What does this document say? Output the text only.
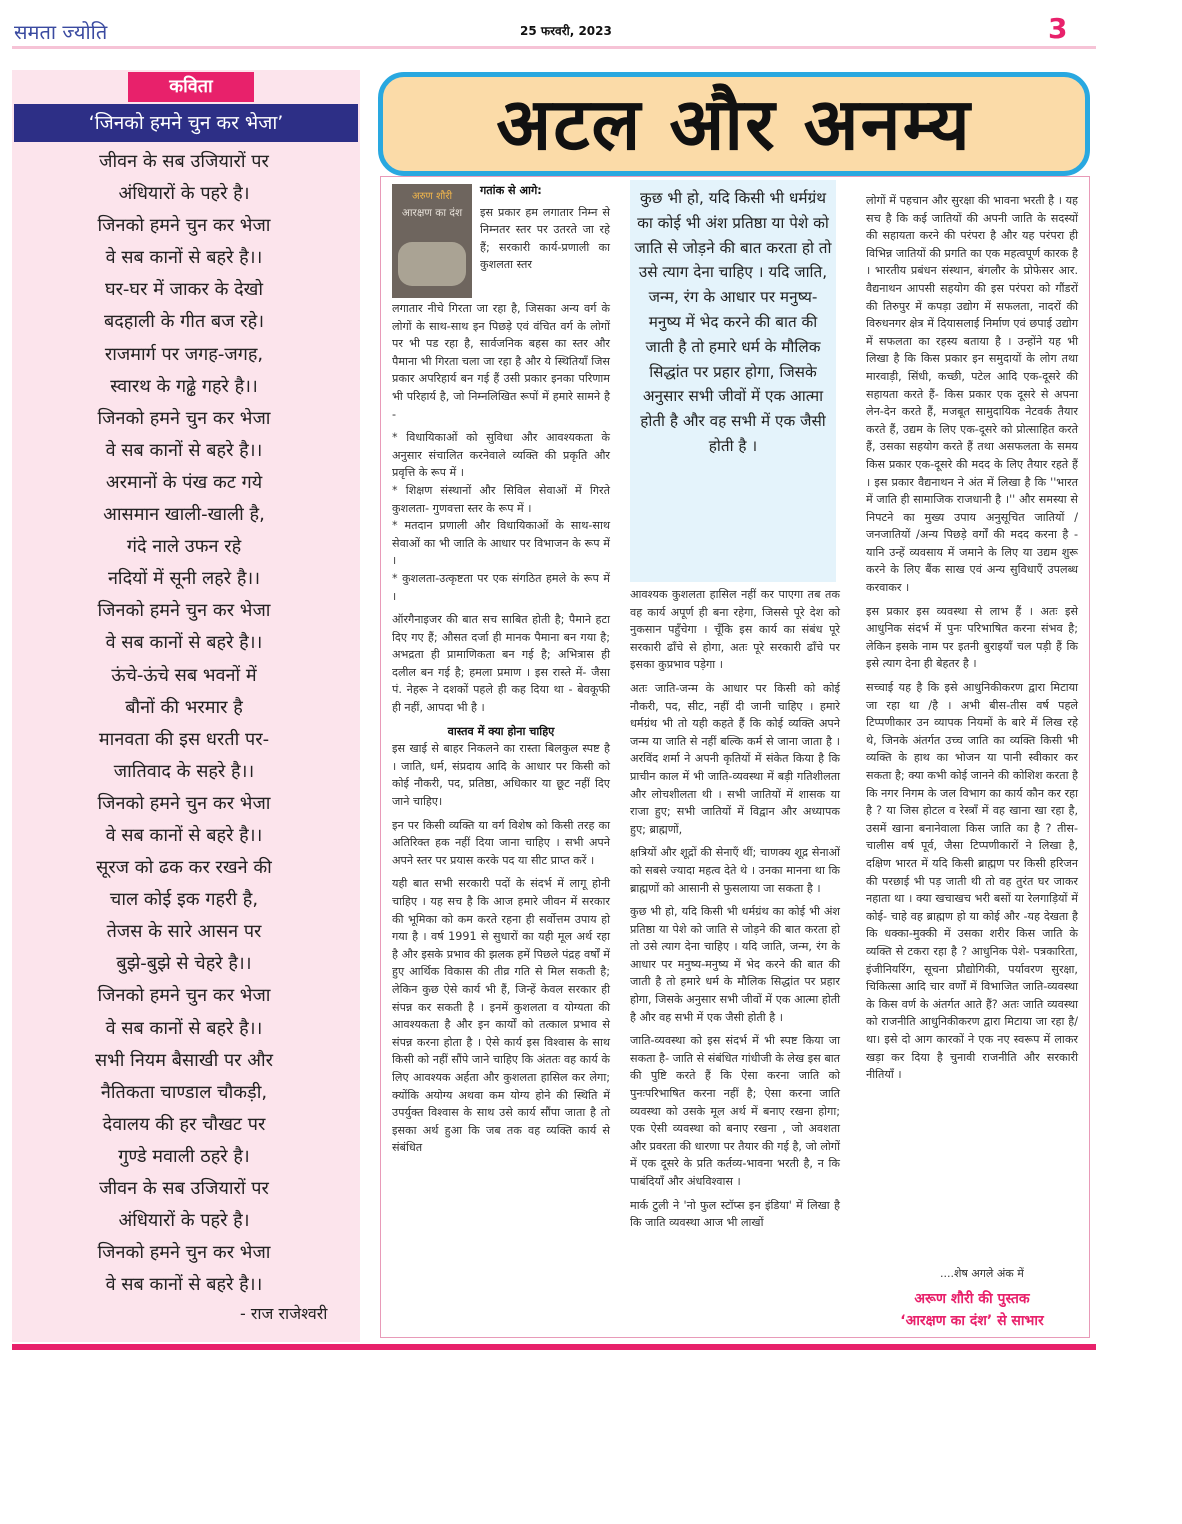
समता ज्योति	25 फरवरी, 2023	3
कविता
‘जिनको हमने चुन कर भेजा’
जीवन के सब उजियारों पर
अंधियारों के पहरे है।
जिनको हमने चुन कर भेजा
वे सब कानों से बहरे है।।
घर-घर में जाकर के देखो
बदहाली के गीत बज रहे।
राजमार्ग पर जगह-जगह,
स्वारथ के गढ्ढे गहरे है।।
जिनको हमने चुन कर भेजा
वे सब कानों से बहरे है।।
अरमानों के पंख कट गये
आसमान खाली-खाली है,
गंदे नाले उफन रहे
नदियों में सूनी लहरे है।।
जिनको हमने चुन कर भेजा
वे सब कानों से बहरे है।।
ऊंचे-ऊंचे सब भवनों में
बौनों की भरमार है
मानवता की इस धरती पर-
जातिवाद के सहरे है।।
जिनको हमने चुन कर भेजा
वे सब कानों से बहरे है।।
सूरज को ढक कर रखने की
चाल कोई इक गहरी है,
तेजस के सारे आसन पर
बुझे-बुझे से चेहरे है।।
जिनको हमने चुन कर भेजा
वे सब कानों से बहरे है।।
सभी नियम बैसाखी पर और
नैतिकता चाण्डाल चौकड़ी,
देवालय की हर चौखट पर
गुण्डे मवाली ठहरे है।
जीवन के सब उजियारों पर
अंधियारों के पहरे है।
जिनको हमने चुन कर भेजा
वे सब कानों से बहरे है।।
- राज राजेश्वरी
अटल और अनम्य
अरुण शौरी
आरक्षण का दंश

गतांक से आगे:

इस प्रकार हम लगातार निम्न से निम्नतर स्तर पर उतरते जा रहे हैं; सरकारी कार्य-प्रणाली का कुशलता स्तर

लगातार नीचे गिरता जा रहा है, जिसका अन्य वर्ग के लोगों के साथ-साथ इन पिछड़े एवं वंचित वर्ग के लोगों पर भी पड रहा है, सार्वजनिक बहस का स्तर और पैमाना भी गिरता चला जा रहा है और ये स्थितियाँ जिस प्रकार अपरिहार्य बन गई हैं उसी प्रकार इनका परिणाम भी परिहार्य है, जो निम्नलिखित रूपों में हमारे सामने है -

* विधायिकाओं को सुविधा और आवश्यकता के अनुसार संचालित करनेवाले व्यक्ति की प्रकृति और प्रवृत्ति के रूप में ।

* शिक्षण संस्थानों और सिविल सेवाओं में गिरते कुशलता- गुणवत्ता स्तर के रूप में ।

* मतदान प्रणाली और विधायिकाओं के साथ-साथ सेवाओं का भी जाति के आधार पर विभाजन के रूप में ।

* कुशलता-उत्कृष्टता पर एक संगठित हमले के रूप में ।

ऑरगैनाइजर की बात सच साबित होती है; पैमाने हटा दिए गए हैं; औसत दर्जा ही मानक पैमाना बन गया है; अभद्रता ही प्रामाणिकता बन गई है; अभित्रास ही दलील बन गई है; हमला प्रमाण । इस रास्ते में- जैसा पं. नेहरू ने दशकों पहले ही कह दिया था - बेवकूफी ही नहीं, आपदा भी है ।

वास्तव में क्या होना चाहिए

इस खाई से बाहर निकलने का रास्ता बिलकुल स्पष्ट है । जाति, धर्म, संप्रदाय आदि के आधार पर किसी को कोई नौकरी, पद, प्रतिष्ठा, अधिकार या छूट नहीं दिए जाने चाहिए।

इन पर किसी व्यक्ति या वर्ग विशेष को किसी तरह का अतिरिक्त हक नहीं दिया जाना चाहिए । सभी अपने अपने स्तर पर प्रयास करके पद या सीट प्राप्त करें ।

यही बात सभी सरकारी पदों के संदर्भ में लागू होनी चाहिए । यह सच है कि आज हमारे जीवन में सरकार की भूमिका को कम करते रहना ही सर्वोत्तम उपाय हो गया है । वर्ष 1991 से सुधारों का यही मूल अर्थ रहा है और इसके प्रभाव की झलक हमें पिछले पंद्रह वर्षों में हुए आर्थिक विकास की तीव्र गति से मिल सकती है; लेकिन कुछ ऐसे कार्य भी हैं, जिन्हें केवल सरकार ही संपन्न कर सकती है । इनमें कुशलता व योग्यता की आवश्यकता है और इन कार्यों को तत्काल प्रभाव से संपन्न करना होता है । ऐसे कार्य इस विश्वास के साथ किसी को नहीं सौंपे जाने चाहिए कि अंततः वह कार्य के लिए आवश्यक अर्हता और कुशलता हासिल कर लेगा; क्योंकि अयोग्य अथवा कम योग्य होने की स्थिति में उपर्युक्त विश्वास के साथ उसे कार्य सौंपा जाता है तो इसका अर्थ हुआ कि जब तक वह व्यक्ति कार्य से संबंधित

कुछ भी हो, यदि किसी भी धर्मग्रंथ का कोई भी अंश प्रतिष्ठा या पेशे को जाति से जोड़ने की बात करता हो तो उसे त्याग देना चाहिए । यदि जाति, जन्म, रंग के आधार पर मनुष्य-मनुष्य में भेद करने की बात की जाती है तो हमारे धर्म के मौलिक सिद्धांत पर प्रहार होगा, जिसके अनुसार सभी जीवों में एक आत्मा होती है और वह सभी में एक जैसी होती है ।

आवश्यक कुशलता हासिल नहीं कर पाएगा तब तक वह कार्य अपूर्ण ही बना रहेगा, जिससे पूरे देश को नुकसान पहुँचेगा । चूँकि इस कार्य का संबंध पूरे सरकारी ढाँचे से होगा, अतः पूरे सरकारी ढाँचे पर इसका कुप्रभाव पड़ेगा ।

अतः जाति-जन्म के आधार पर किसी को कोई नौकरी, पद, सीट, नहीं दी जानी चाहिए । हमारे धर्मग्रंथ भी तो यही कहते हैं कि कोई व्यक्ति अपने जन्म या जाति से नहीं बल्कि कर्म से जाना जाता है ।अरविंद शर्मा ने अपनी कृतियों में संकेत किया है कि प्राचीन काल में भी जाति-व्यवस्था में बड़ी गतिशीलता और लोचशीलता थी । सभी जातियों में शासक या राजा हुए; सभी जातियों में विद्वान और अध्यापक हुए; ब्राह्मणों,

क्षत्रियों और शूद्रों की सेनाएँ थीं; चाणक्य शूद्र सेनाओं को सबसे ज्यादा महत्व देते थे । उनका मानना था कि ब्राह्मणों को आसानी से फुसलाया जा सकता है ।

कुछ भी हो, यदि किसी भी धर्मग्रंथ का कोई भी अंश प्रतिष्ठा या पेशे को जाति से जोड़ने की बात करता हो तो उसे त्याग देना चाहिए । यदि जाति, जन्म, रंग के आधार पर मनुष्य-मनुष्य में भेद करने की बात की जाती है तो हमारे धर्म के मौलिक सिद्धांत पर प्रहार होगा, जिसके अनुसार सभी जीवों में एक आत्मा होती है और वह सभी में एक जैसी होती है ।

जाति-व्यवस्था को इस संदर्भ में भी स्पष्ट किया जा सकता है- जाति से संबंधित गांधीजी के लेख इस बात की पुष्टि करते हैं कि ऐसा करना जाति को पुनःपरिभाषित करना नहीं है; ऐसा करना जाति व्यवस्था को उसके मूल अर्थ में बनाए रखना होगा; एक ऐसी व्यवस्था को बनाए रखना , जो अवशता और प्रवरता की धारणा पर तैयार की गई है, जो लोगों में एक दूसरे के प्रति कर्तव्य-भावना भरती है, न कि पाबंदियाँ और अंधविश्वास ।

मार्क टुली ने 'नो फुल स्टॉप्स इन इंडिया' में लिखा है कि जाति व्यवस्था आज भी लाखों

लोगों में पहचान और सुरक्षा की भावना भरती है । यह सच है कि कई जातियों की अपनी जाति के सदस्यों की सहायता करने की परंपरा है और यह परंपरा ही विभिन्न जातियों की प्रगति का एक महत्वपूर्ण कारक है । भारतीय प्रबंधन संस्थान, बंगलौर के प्रोफेसर आर. वैद्यनाथन आपसी सहयोग की इस परंपरा को गौंडरों की तिरुपुर में कपड़ा उद्योग में सफलता, नादरों की विरुधनगर क्षेत्र में दियासलाई निर्माण एवं छपाई उद्योग में सफलता का रहस्य बताया है । उन्होंने यह भी लिखा है कि किस प्रकार इन समुदायों के लोग तथा मारवाड़ी, सिंधी, कच्छी, पटेल आदि एक-दूसरे की सहायता करते हैं- किस प्रकार एक दूसरे से अपना लेन-देन करते हैं, मजबूत सामुदायिक नेटवर्क तैयार करते हैं, उद्यम के लिए एक-दूसरे को प्रोत्साहित करते हैं, उसका सहयोग करते हैं तथा असफलता के समय किस प्रकार एक-दूसरे की मदद के लिए तैयार रहते हैं । इस प्रकार वैद्यनाथन ने अंत में लिखा है कि ''भारत में जाति ही सामाजिक राजधानी है ।'' और समस्या से निपटने का मुख्य उपाय अनुसूचित जातियों /जनजातियों /अन्य पिछड़े वर्गों की मदद करना है - यानि उन्हें व्यवसाय में जमाने के लिए या उद्यम शुरू करने के लिए बैंक साख एवं अन्य सुविधाएँ उपलब्ध करवाकर ।

इस प्रकार इस व्यवस्था से लाभ हैं । अतः इसे आधुनिक संदर्भ में पुनः परिभाषित करना संभव है; लेकिन इसके नाम पर इतनी बुराइयाँ चल पड़ी हैं कि इसे त्याग देना ही बेहतर है ।

सच्चाई यह है कि इसे आधुनिकीकरण द्वारा मिटाया जा रहा था /है । अभी बीस-तीस वर्ष पहले टिप्पणीकार उन व्यापक नियमों के बारे में लिख रहे थे, जिनके अंतर्गत उच्च जाति का व्यक्ति किसी भी व्यक्ति के हाथ का भोजन या पानी स्वीकार कर सकता है; क्या कभी कोई जानने की कोशिश करता है कि नगर निगम के जल विभाग का कार्य कौन कर रहा है ? या जिस होटल व रेस्त्राँ में वह खाना खा रहा है, उसमें खाना बनानेवाला किस जाति का है ? तीस-चालीस वर्ष पूर्व, जैसा टिप्पणीकारों ने लिखा है, दक्षिण भारत में यदि किसी ब्राह्मण पर किसी हरिजन की परछाई भी पड़ जाती थी तो वह तुरंत घर जाकर नहाता था । क्या खचाखच भरी बसों या रेलगाड़ियों में कोई- चाहे वह ब्राह्मण हो या कोई और -यह देखता है कि धक्का-मुक्की में उसका शरीर किस जाति के व्यक्ति से टकरा रहा है ? आधुनिक पेशे- पत्रकारिता, इंजीनियरिंग, सूचना प्रौद्योगिकी, पर्यावरण सुरक्षा, चिकित्सा आदि चार वर्णों में विभाजित जाति-व्यवस्था के किस वर्ण के अंतर्गत आते हैं? अतः जाति व्यवस्था को राजनीति आधुनिकीकरण द्वारा मिटाया जा रहा है/ था। इसे दो आग कारकों ने एक नए स्वरूप में लाकर खड़ा कर दिया है चुनावी राजनीति और सरकारी नीतियाँ ।

....शेष अगले अंक में
अरूण शौरी की पुस्तक
‘आरक्षण का दंश’ से साभार
